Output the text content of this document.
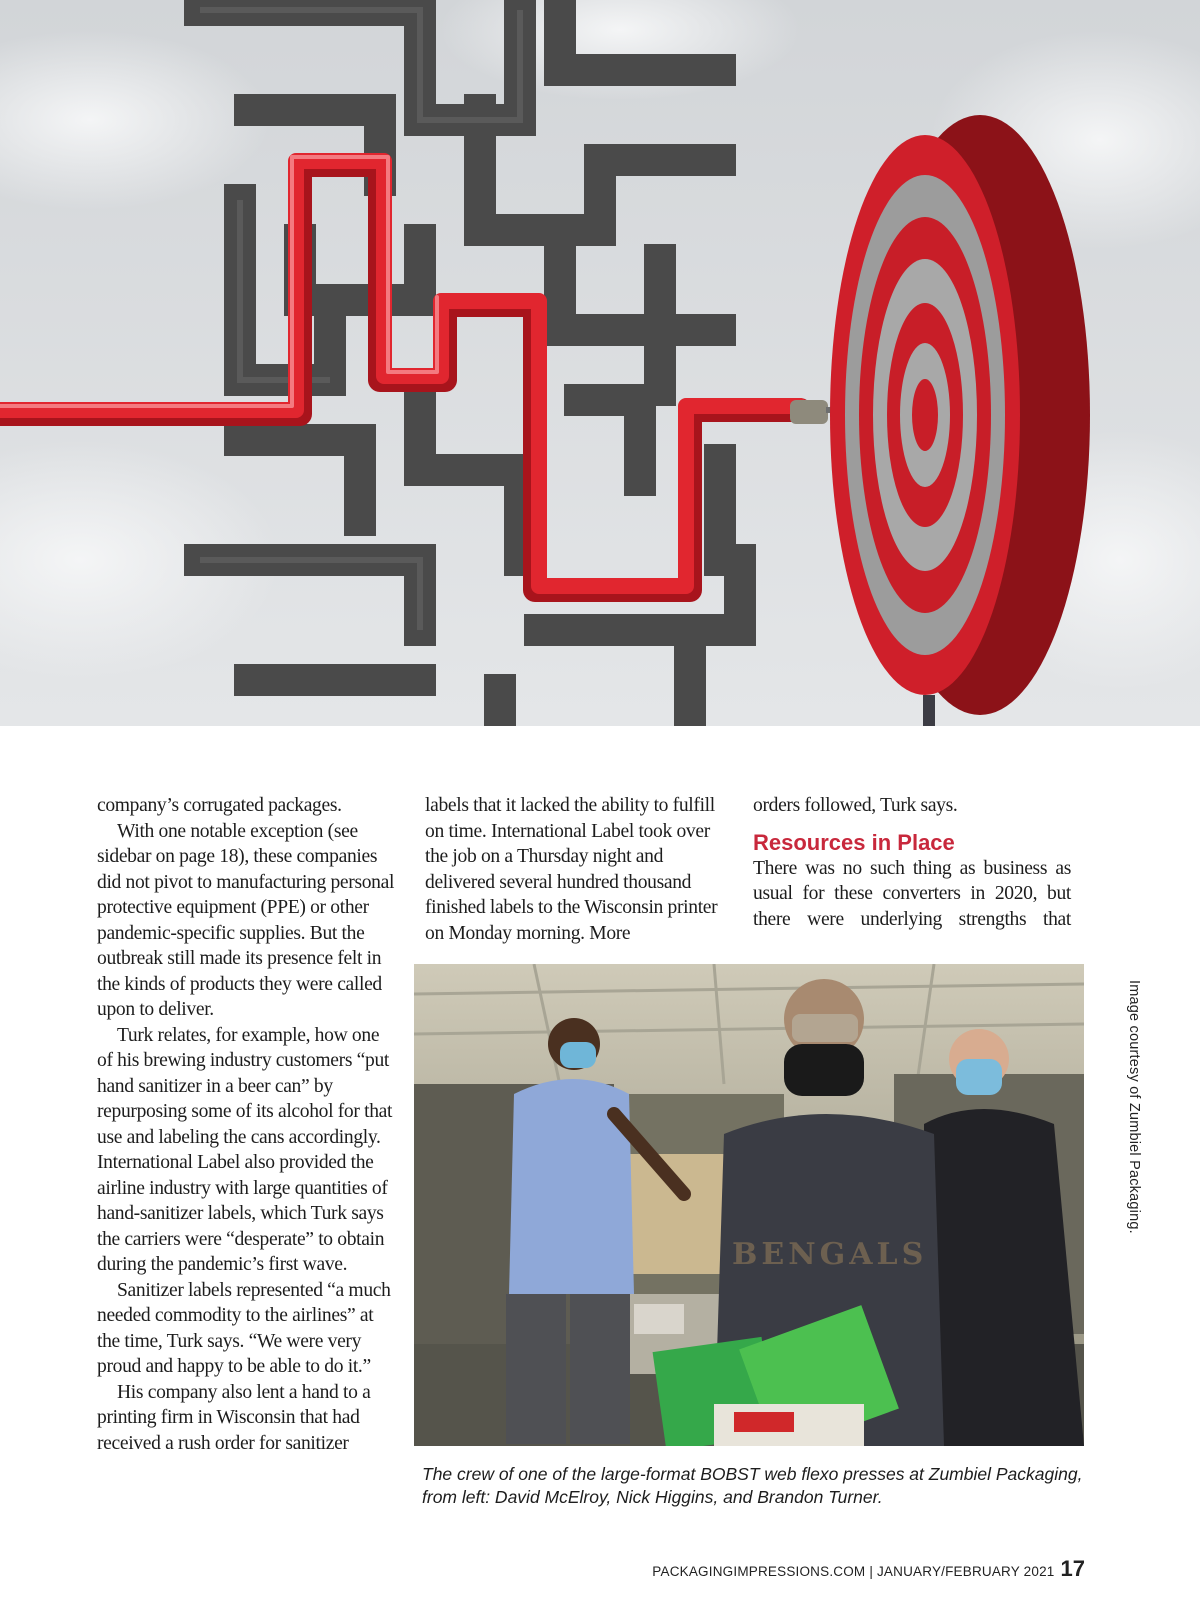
company’s corrugated packages.

With one notable exception (see sidebar on page 18), these companies did not pivot to manufacturing personal protective equipment (PPE) or other pandemic-specific supplies. But the outbreak still made its presence felt in the kinds of products they were called upon to deliver.

Turk relates, for example, how one of his brewing industry customers “put hand sanitizer in a beer can” by repurposing some of its alcohol for that use and labeling the cans accordingly. International Label also provided the airline industry with large quantities of hand-sanitizer labels, which Turk says the carriers were “desperate” to obtain during the pandemic’s first wave.

Sanitizer labels represented “a much needed commodity to the airlines” at the time, Turk says. “We were very proud and happy to be able to do it.”

His company also lent a hand to a printing firm in Wisconsin that had received a rush order for sanitizer

labels that it lacked the ability to fulfill on time. International Label took over the job on a Thursday night and delivered several hundred thousand finished labels to the Wisconsin printer on Monday morning. More

orders followed, Turk says.

Resources in Place

There was no such thing as business as usual for these converters in 2020, but there were underlying strengths that

BENGALS
Image courtesy of Zumbiel Packaging.

The crew of one of the large-format BOBST web flexo presses at Zumbiel Packaging, from left: David McElroy, Nick Higgins, and Brandon Turner.

PACKAGINGIMPRESSIONS.COM | JANUARY/FEBRUARY 2021 17
